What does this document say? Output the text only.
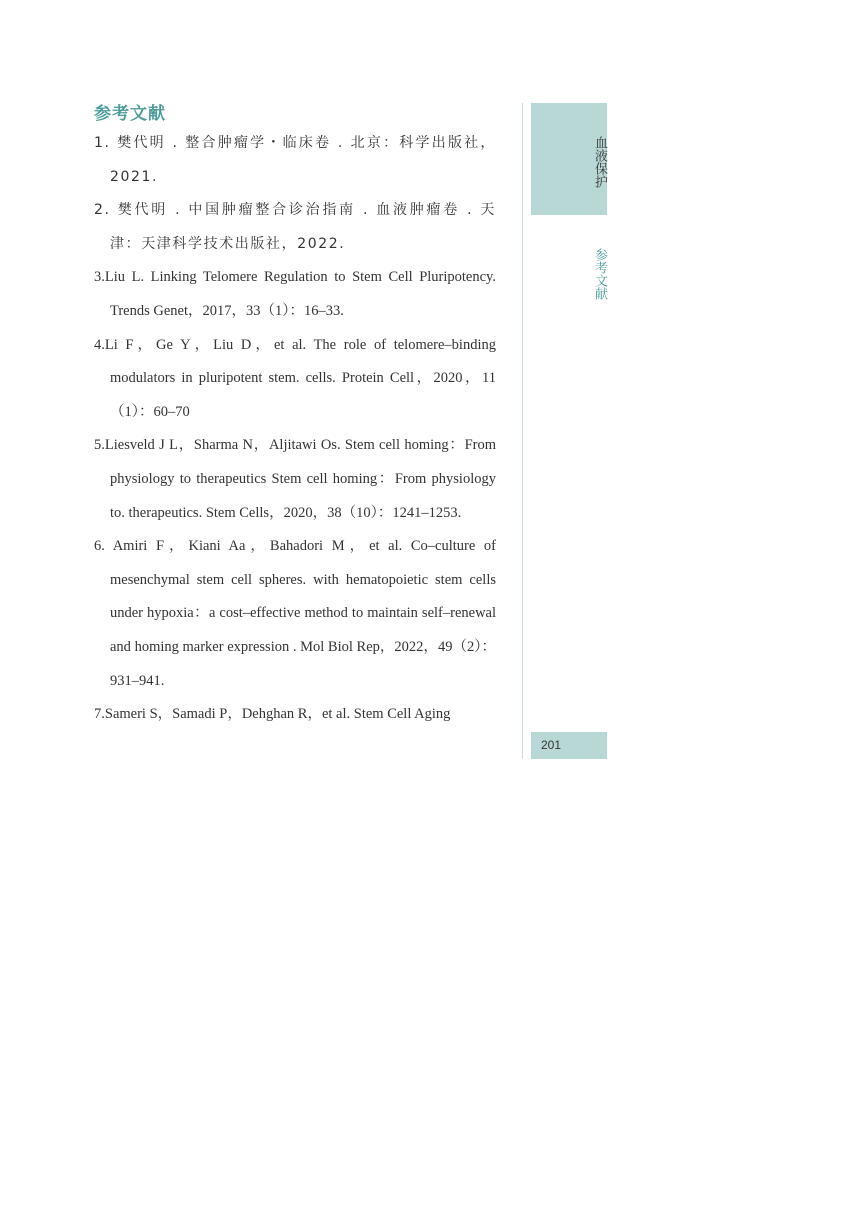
参考文献
1. 樊代明 . 整合肿瘤学・临床卷 . 北京：科学出版社，2021.
2. 樊代明 . 中国肿瘤整合诊治指南 . 血液肿瘤卷 . 天津：天津科学技术出版社，2022.
3.Liu L. Linking Telomere Regulation to Stem Cell Pluripotency. Trends Genet，2017，33（1）：16–33.
4.Li F，Ge Y，Liu D，et al. The role of telomere–binding modulators in pluripotent stem. cells. Protein Cell，2020，11（1）：60–70
5.Liesveld J L，Sharma N，Aljitawi Os. Stem cell homing：From physiology to therapeutics Stem cell homing：From physiology to. therapeutics. Stem Cells，2020，38（10）：1241–1253.
6. Amiri F，Kiani Aa，Bahadori M，et al. Co–culture of mesenchymal stem cell spheres. with hematopoietic stem cells under hypoxia：a cost–effective method to maintain self–renewal and homing marker expression . Mol Biol Rep，2022，49（2）：931–941.
7.Sameri S，Samadi P，Dehghan R，et al. Stem Cell Aging
血液保护
参考文献
201
